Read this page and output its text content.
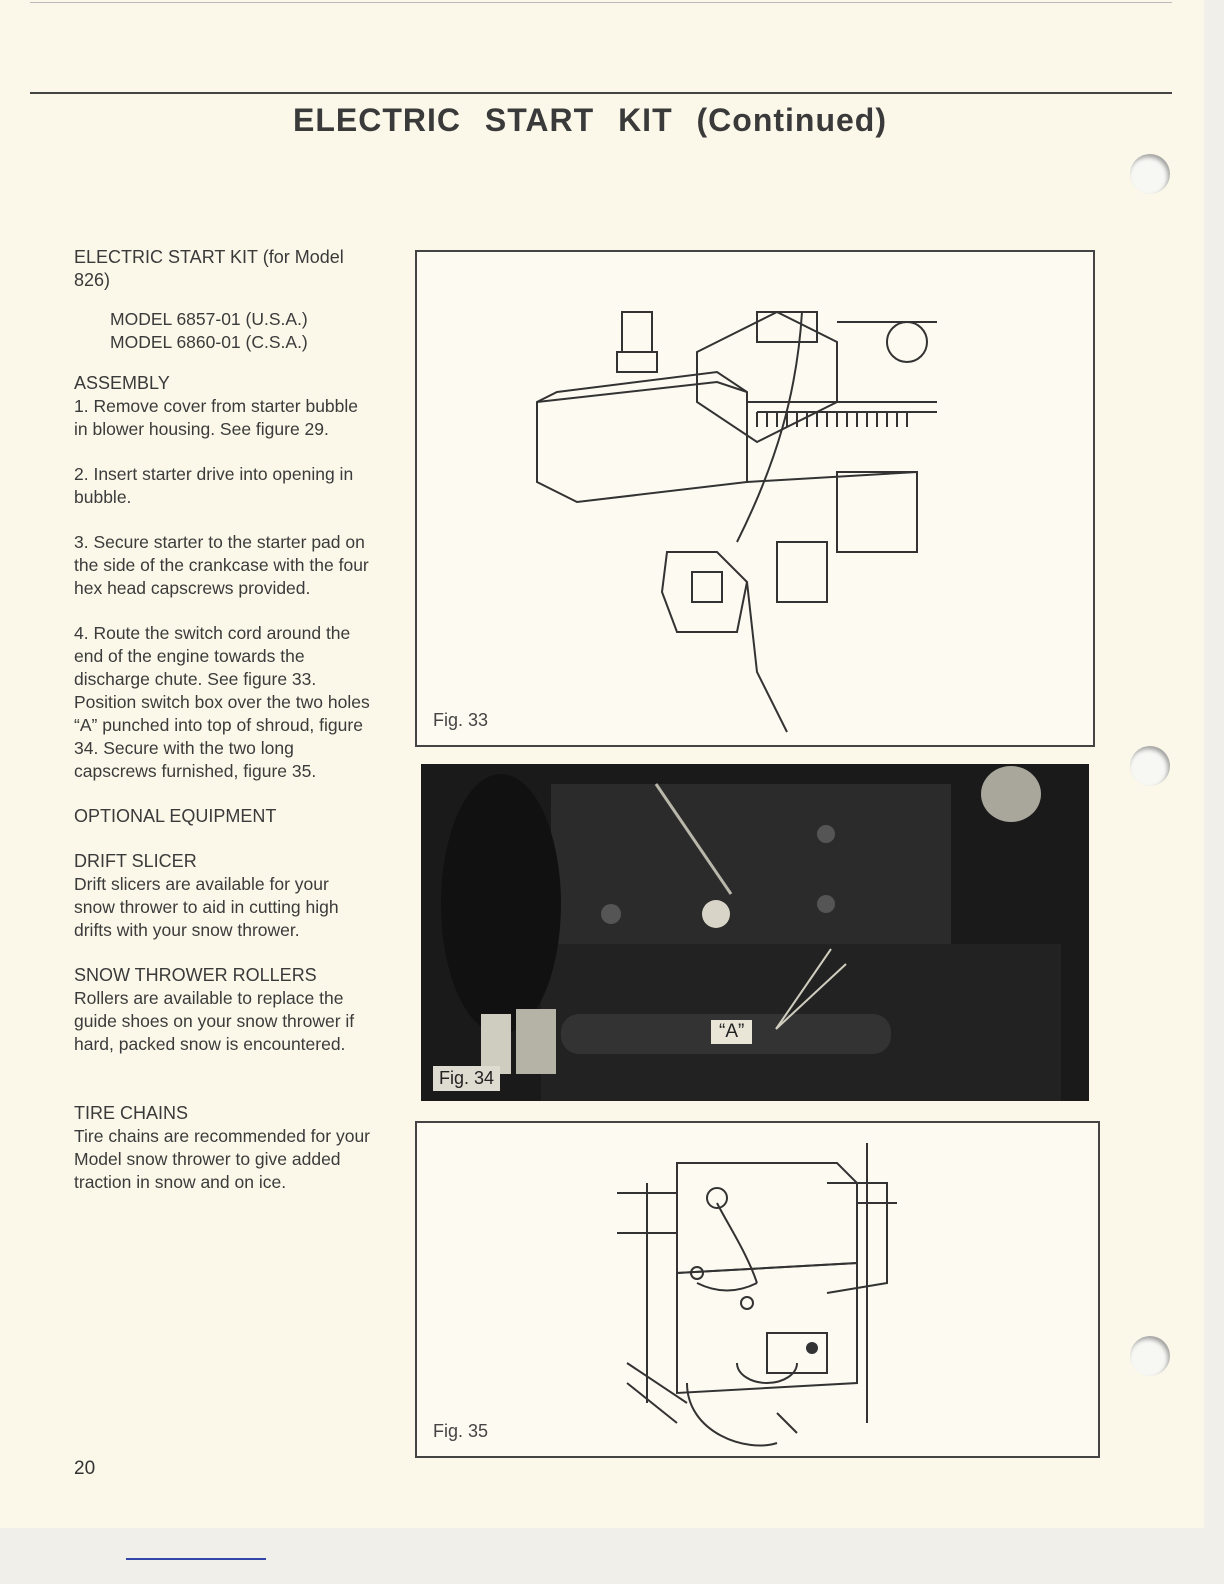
ELECTRIC START KIT (Continued)

ELECTRIC START KIT (for Model 826)

MODEL 6857-01 (U.S.A.)
MODEL 6860-01 (C.S.A.)

ASSEMBLY

1. Remove cover from starter bubble in blower housing. See figure 29.

2. Insert starter drive into opening in bubble.

3. Secure starter to the starter pad on the side of the crankcase with the four hex head capscrews provided.

4. Route the switch cord around the end of the engine towards the discharge chute. See figure 33. Position switch box over the two holes “A” punched into top of shroud, figure 34. Secure with the two long capscrews furnished, figure 35.

OPTIONAL EQUIPMENT

DRIFT SLICER

Drift slicers are available for your snow thrower to aid in cutting high drifts with your snow thrower.

SNOW THROWER ROLLERS

Rollers are available to replace the guide shoes on your snow thrower if hard, packed snow is encountered.

TIRE CHAINS

Tire chains are recommended for your Model snow thrower to give added traction in snow and on ice.

20
Fig. 33
“A”
Fig. 34
Fig. 35
